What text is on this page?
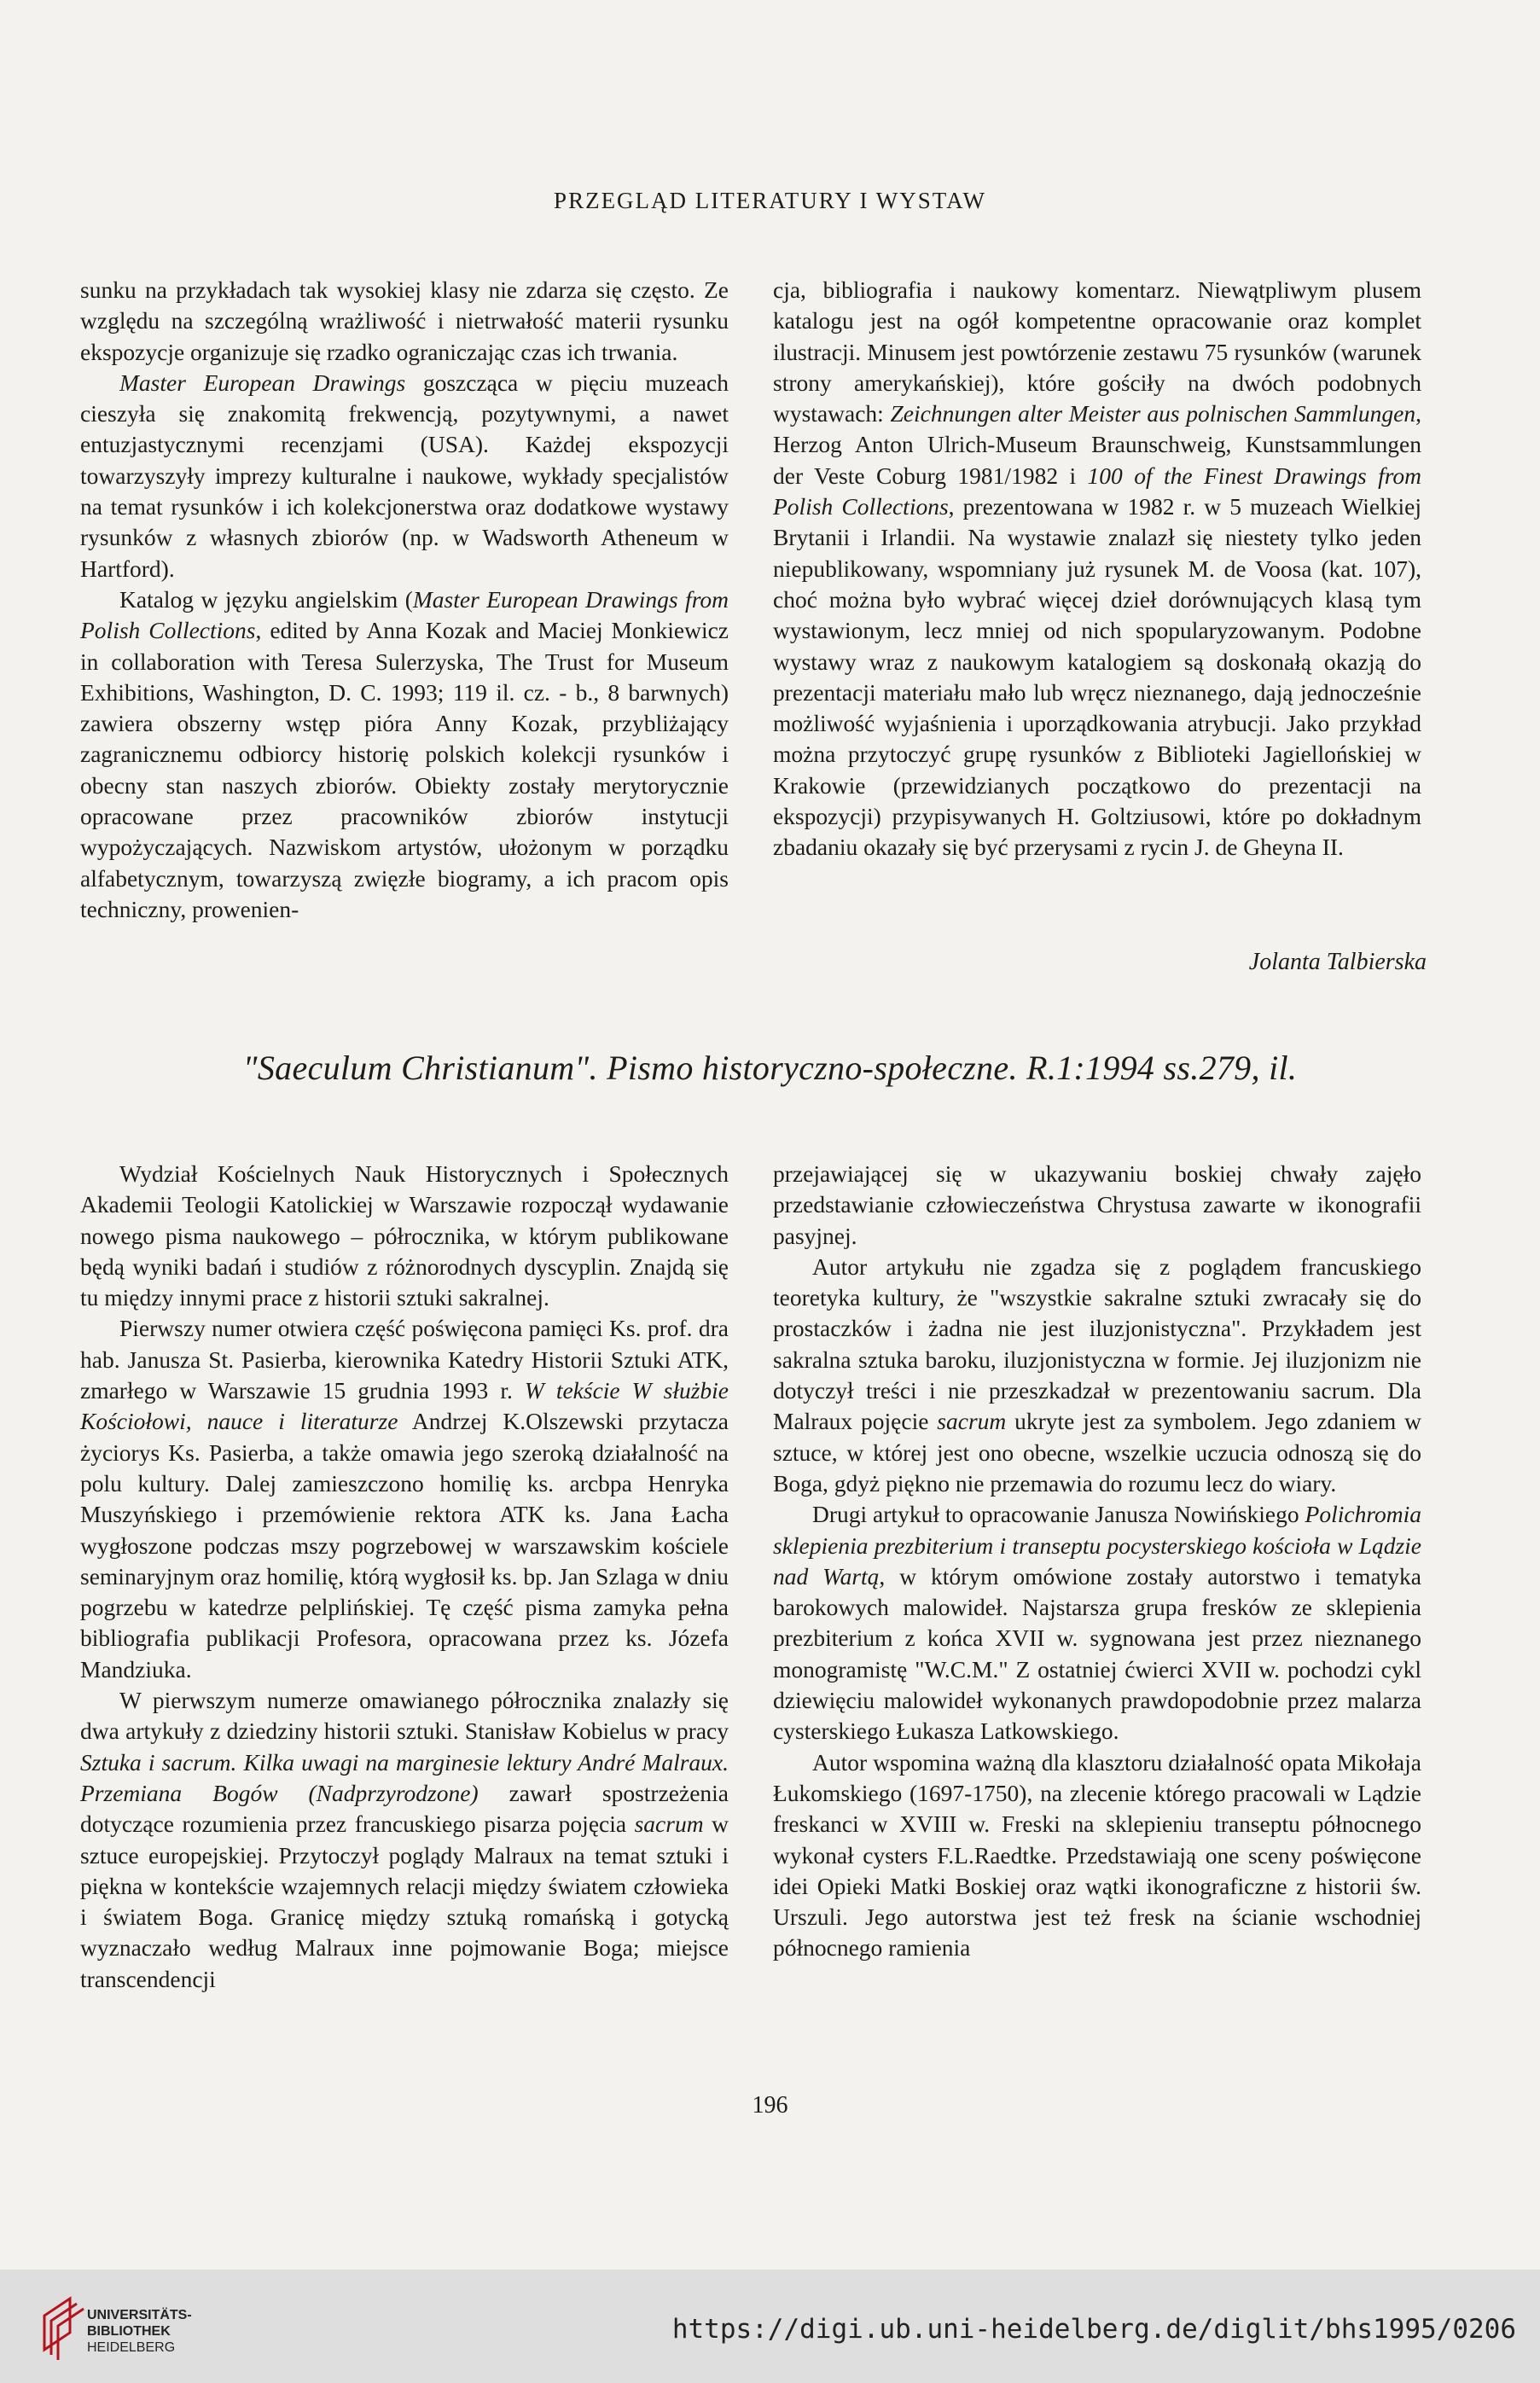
PRZEGLĄD LITERATURY I WYSTAW

sunku na przykładach tak wysokiej klasy nie zdarza się często. Ze względu na szczególną wrażliwość i nietrwałość materii rysunku ekspozycje organizuje się rzadko ograniczając czas ich trwania.

Master European Drawings goszcząca w pięciu muzeach cieszyła się znakomitą frekwencją, pozytywnymi, a nawet entuzjastycznymi recenzjami (USA). Każdej ekspozycji towarzyszyły imprezy kulturalne i naukowe, wykłady specjalistów na temat rysunków i ich kolekcjonerstwa oraz dodatkowe wystawy rysunków z własnych zbiorów (np. w Wadsworth Atheneum w Hartford).

Katalog w języku angielskim (Master European Drawings from Polish Collections, edited by Anna Kozak and Maciej Monkiewicz in collaboration with Teresa Sulerzyska, The Trust for Museum Exhibitions, Washington, D. C. 1993; 119 il. cz. - b., 8 barwnych) zawiera obszerny wstęp pióra Anny Kozak, przybliżający zagranicznemu odbiorcy historię polskich kolekcji rysunków i obecny stan naszych zbiorów. Obiekty zostały merytorycznie opracowane przez pracowników zbiorów instytucji wypożyczających. Nazwiskom artystów, ułożonym w porządku alfabetycznym, towarzyszą zwięzłe biogramy, a ich pracom opis techniczny, prowenien-

cja, bibliografia i naukowy komentarz. Niewątpliwym plusem katalogu jest na ogół kompetentne opracowanie oraz komplet ilustracji. Minusem jest powtórzenie zestawu 75 rysunków (warunek strony amerykańskiej), które gościły na dwóch podobnych wystawach: Zeichnungen alter Meister aus polnischen Sammlungen, Herzog Anton Ulrich-Museum Braunschweig, Kunstsammlungen der Veste Coburg 1981/1982 i 100 of the Finest Drawings from Polish Collections, prezentowana w 1982 r. w 5 muzeach Wielkiej Brytanii i Irlandii. Na wystawie znalazł się niestety tylko jeden niepublikowany, wspomniany już rysunek M. de Voosa (kat. 107), choć można było wybrać więcej dzieł dorównujących klasą tym wystawionym, lecz mniej od nich spopularyzowanym. Podobne wystawy wraz z naukowym katalogiem są doskonałą okazją do prezentacji materiału mało lub wręcz nieznanego, dają jednocześnie możliwość wyjaśnienia i uporządkowania atrybucji. Jako przykład można przytoczyć grupę rysunków z Biblioteki Jagiellońskiej w Krakowie (przewidzianych początkowo do prezentacji na ekspozycji) przypisywanych H. Goltziusowi, które po dokładnym zbadaniu okazały się być przerysami z rycin J. de Gheyna II.

Jolanta Talbierska
"Saeculum Christianum". Pismo historyczno-społeczne. R.1:1994 ss.279, il.

Wydział Kościelnych Nauk Historycznych i Społecznych Akademii Teologii Katolickiej w Warszawie rozpoczął wydawanie nowego pisma naukowego – półrocznika, w którym publikowane będą wyniki badań i studiów z różnorodnych dyscyplin. Znajdą się tu między innymi prace z historii sztuki sakralnej.

Pierwszy numer otwiera część poświęcona pamięci Ks. prof. dra hab. Janusza St. Pasierba, kierownika Katedry Historii Sztuki ATK, zmarłego w Warszawie 15 grudnia 1993 r. W tekście W służbie Kościołowi, nauce i literaturze Andrzej K.Olszewski przytacza życiorys Ks. Pasierba, a także omawia jego szeroką działalność na polu kultury. Dalej zamieszczono homilię ks. arcbpa Henryka Muszyńskiego i przemówienie rektora ATK ks. Jana Łacha wygłoszone podczas mszy pogrzebowej w warszawskim kościele seminaryjnym oraz homilię, którą wygłosił ks. bp. Jan Szlaga w dniu pogrzebu w katedrze pelplińskiej. Tę część pisma zamyka pełna bibliografia publikacji Profesora, opracowana przez ks. Józefa Mandziuka.

W pierwszym numerze omawianego półrocznika znalazły się dwa artykuły z dziedziny historii sztuki. Stanisław Kobielus w pracy Sztuka i sacrum. Kilka uwagi na marginesie lektury André Malraux. Przemiana Bogów (Nadprzyrodzone) zawarł spostrzeżenia dotyczące rozumienia przez francuskiego pisarza pojęcia sacrum w sztuce europejskiej. Przytoczył poglądy Malraux na temat sztuki i piękna w kontekście wzajemnych relacji między światem człowieka i światem Boga. Granicę między sztuką romańską i gotycką wyznaczało według Malraux inne pojmowanie Boga; miejsce transcendencji

przejawiającej się w ukazywaniu boskiej chwały zajęło przedstawianie człowieczeństwa Chrystusa zawarte w ikonografii pasyjnej.

Autor artykułu nie zgadza się z poglądem francuskiego teoretyka kultury, że "wszystkie sakralne sztuki zwracały się do prostaczków i żadna nie jest iluzjonistyczna". Przykładem jest sakralna sztuka baroku, iluzjonistyczna w formie. Jej iluzjonizm nie dotyczył treści i nie przeszkadzał w prezentowaniu sacrum. Dla Malraux pojęcie sacrum ukryte jest za symbolem. Jego zdaniem w sztuce, w której jest ono obecne, wszelkie uczucia odnoszą się do Boga, gdyż piękno nie przemawia do rozumu lecz do wiary.

Drugi artykuł to opracowanie Janusza Nowińskiego Polichromia sklepienia prezbiterium i transeptu pocysterskiego kościoła w Lądzie nad Wartą, w którym omówione zostały autorstwo i tematyka barokowych malowideł. Najstarsza grupa fresków ze sklepienia prezbiterium z końca XVII w. sygnowana jest przez nieznanego monogramistę "W.C.M." Z ostatniej ćwierci XVII w. pochodzi cykl dziewięciu malowideł wykonanych prawdopodobnie przez malarza cysterskiego Łukasza Latkowskiego.

Autor wspomina ważną dla klasztoru działalność opata Mikołaja Łukomskiego (1697-1750), na zlecenie którego pracowali w Lądzie freskanci w XVIII w. Freski na sklepieniu transeptu północnego wykonał cysters F.L.Raedtke. Przedstawiają one sceny poświęcone idei Opieki Matki Boskiej oraz wątki ikonograficzne z historii św. Urszuli. Jego autorstwa jest też fresk na ścianie wschodniej północnego ramienia

196
UNIVERSITÄTS-
BIBLIOTHEK
HEIDELBERG
https://digi.ub.uni-heidelberg.de/diglit/bhs1995/0206
